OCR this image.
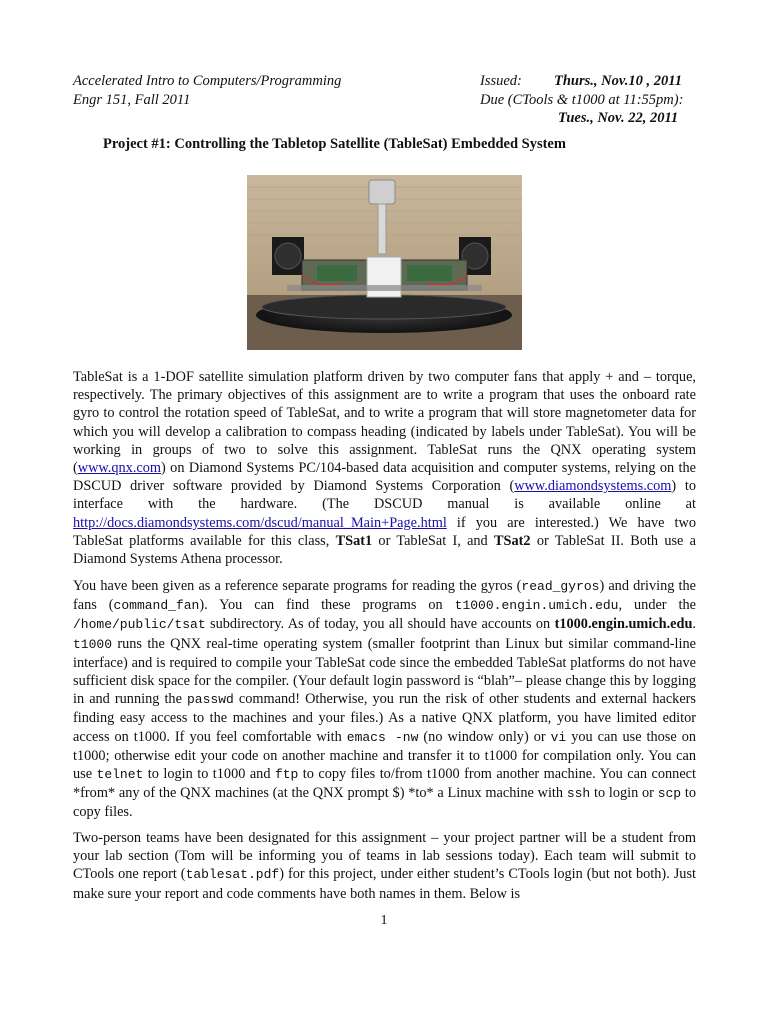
Accelerated Intro to Computers/Programming
Engr 151, Fall 2011
Issued: Thurs., Nov.10 , 2011
Due (CTools & t1000 at 11:55pm):
Tues., Nov. 22, 2011
Project #1: Controlling the Tabletop Satellite (TableSat) Embedded System

TableSat is a 1-DOF satellite simulation platform driven by two computer fans that apply + and – torque, respectively. The primary objectives of this assignment are to write a program that uses the onboard rate gyro to control the rotation speed of TableSat, and to write a program that will store magnetometer data for which you will develop a calibration to compass heading (indicated by labels under TableSat). You will be working in groups of two to solve this assignment. TableSat runs the QNX operating system (www.qnx.com) on Diamond Systems PC/104-based data acquisition and computer systems, relying on the DSCUD driver software provided by Diamond Systems Corporation (www.diamondsystems.com) to interface with the hardware. (The DSCUD manual is available online at http://docs.diamondsystems.com/dscud/manual_Main+Page.html if you are interested.) We have two TableSat platforms available for this class, TSat1 or TableSat I, and TSat2 or TableSat II. Both use a Diamond Systems Athena processor.

You have been given as a reference separate programs for reading the gyros (read_gyros) and driving the fans (command_fan). You can find these programs on t1000.engin.umich.edu, under the /home/public/tsat subdirectory. As of today, you all should have accounts on t1000.engin.umich.edu. t1000 runs the QNX real-time operating system (smaller footprint than Linux but similar command-line interface) and is required to compile your TableSat code since the embedded TableSat platforms do not have sufficient disk space for the compiler. (Your default login password is “blah”– please change this by logging in and running the passwd command! Otherwise, you run the risk of other students and external hackers finding easy access to the machines and your files.) As a native QNX platform, you have limited editor access on t1000. If you feel comfortable with emacs -nw (no window only) or vi you can use those on t1000; otherwise edit your code on another machine and transfer it to t1000 for compilation only. You can use telnet to login to t1000 and ftp to copy files to/from t1000 from another machine. You can connect *from* any of the QNX machines (at the QNX prompt $) *to* a Linux machine with ssh to login or scp to copy files.

Two-person teams have been designated for this assignment – your project partner will be a student from your lab section (Tom will be informing you of teams in lab sessions today). Each team will submit to CTools one report (tablesat.pdf) for this project, under either student’s CTools login (but not both). Just make sure your report and code comments have both names in them. Below is

1
